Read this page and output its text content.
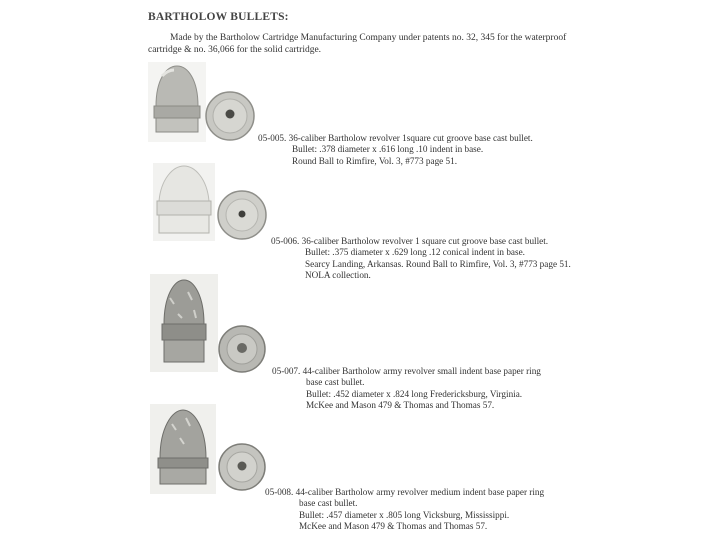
BARTHOLOW BULLETS:
Made by the Bartholow Cartridge Manufacturing Company under patents no. 32, 345 for the waterproof
cartridge & no. 36,066 for the solid cartridge.
05-005. 36-caliber Bartholow revolver 1square cut groove base cast bullet.
Bullet: .378 diameter x .616 long .10 indent in base.
Round Ball to Rimfire, Vol. 3, #773 page 51.
05-006. 36-caliber Bartholow revolver 1 square cut groove base cast bullet.
Bullet: .375 diameter x .629 long .12 conical indent in base.
Searcy Landing, Arkansas. Round Ball to Rimfire, Vol. 3, #773 page 51.
NOLA collection.
05-007. 44-caliber Bartholow army revolver small indent base paper ring
base cast bullet.
Bullet: .452 diameter x .824 long Fredericksburg, Virginia.
McKee and Mason 479 & Thomas and Thomas 57.
05-008. 44-caliber Bartholow army revolver medium indent base paper ring
base cast bullet.
Bullet: .457 diameter x .805 long Vicksburg, Mississippi.
McKee and Mason 479 & Thomas and Thomas 57.
